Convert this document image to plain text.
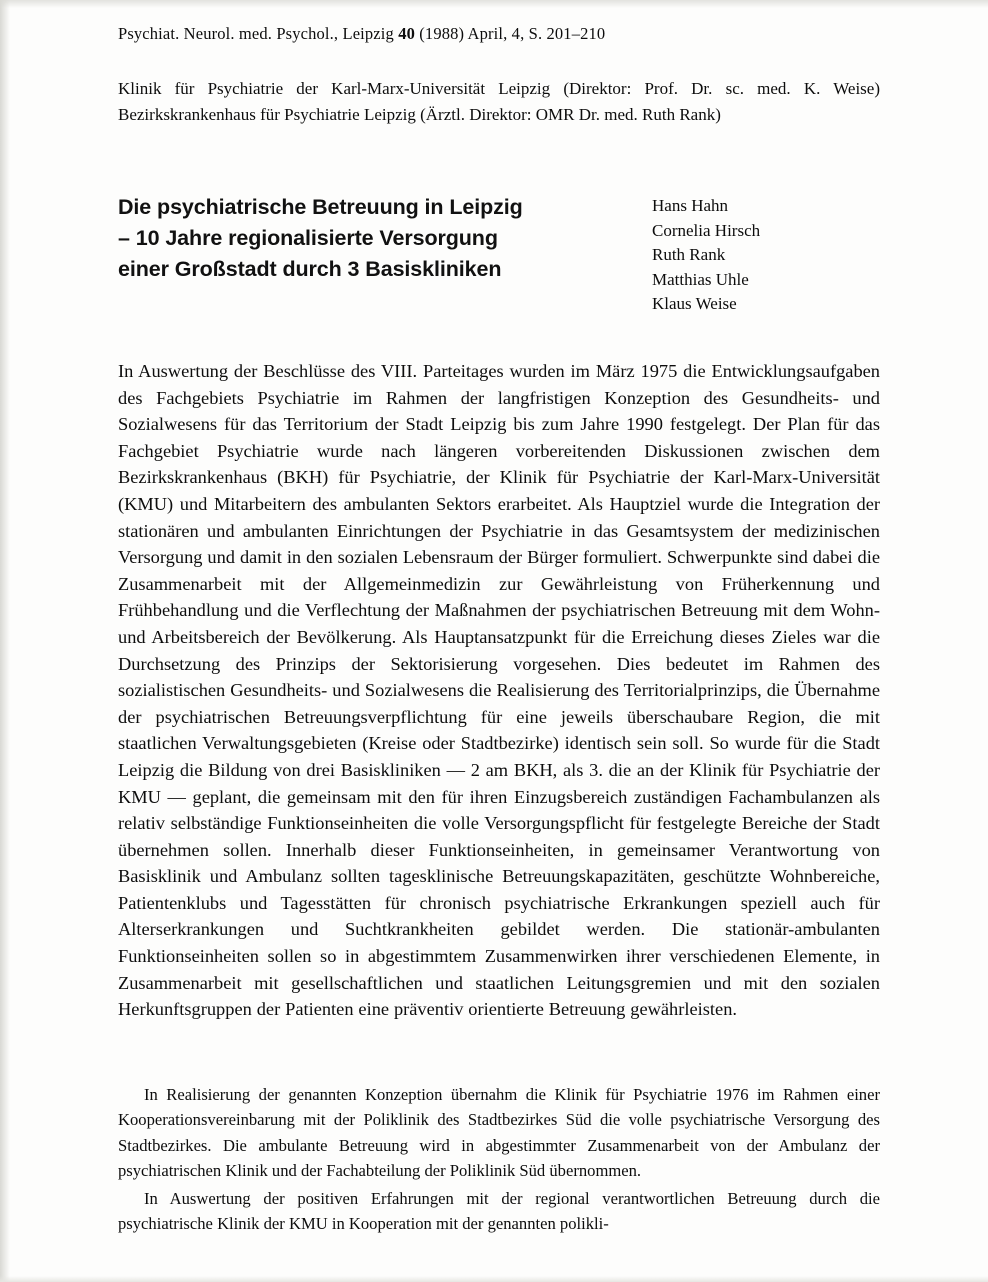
Psychiat. Neurol. med. Psychol., Leipzig 40 (1988) April, 4, S. 201–210
Klinik für Psychiatrie der Karl-Marx-Universität Leipzig (Direktor: Prof. Dr. sc. med. K. Weise) Bezirkskrankenhaus für Psychiatrie Leipzig (Ärztl. Direktor: OMR Dr. med. Ruth Rank)
Die psychiatrische Betreuung in Leipzig
– 10 Jahre regionalisierte Versorgung
einer Großstadt durch 3 Basiskliniken
Hans Hahn
Cornelia Hirsch
Ruth Rank
Matthias Uhle
Klaus Weise
In Auswertung der Beschlüsse des VIII. Parteitages wurden im März 1975 die Entwicklungsaufgaben des Fachgebiets Psychiatrie im Rahmen der langfristigen Konzeption des Gesundheits- und Sozialwesens für das Territorium der Stadt Leipzig bis zum Jahre 1990 festgelegt. Der Plan für das Fachgebiet Psychiatrie wurde nach längeren vorbereitenden Diskussionen zwischen dem Bezirkskrankenhaus (BKH) für Psychiatrie, der Klinik für Psychiatrie der Karl-Marx-Universität (KMU) und Mitarbeitern des ambulanten Sektors erarbeitet. Als Hauptziel wurde die Integration der stationären und ambulanten Einrichtungen der Psychiatrie in das Gesamtsystem der medizinischen Versorgung und damit in den sozialen Lebensraum der Bürger formuliert. Schwerpunkte sind dabei die Zusammenarbeit mit der Allgemeinmedizin zur Gewährleistung von Früherkennung und Frühbehandlung und die Verflechtung der Maßnahmen der psychiatrischen Betreuung mit dem Wohn- und Arbeitsbereich der Bevölkerung. Als Hauptansatzpunkt für die Erreichung dieses Zieles war die Durchsetzung des Prinzips der Sektorisierung vorgesehen. Dies bedeutet im Rahmen des sozialistischen Gesundheits- und Sozialwesens die Realisierung des Territorialprinzips, die Übernahme der psychiatrischen Betreuungsverpflichtung für eine jeweils überschaubare Region, die mit staatlichen Verwaltungsgebieten (Kreise oder Stadtbezirke) identisch sein soll. So wurde für die Stadt Leipzig die Bildung von drei Basiskliniken — 2 am BKH, als 3. die an der Klinik für Psychiatrie der KMU — geplant, die gemeinsam mit den für ihren Einzugsbereich zuständigen Fachambulanzen als relativ selbständige Funktionseinheiten die volle Versorgungspflicht für festgelegte Bereiche der Stadt übernehmen sollen. Innerhalb dieser Funktionseinheiten, in gemeinsamer Verantwortung von Basisklinik und Ambulanz sollten tagesklinische Betreuungskapazitäten, geschützte Wohnbereiche, Patientenklubs und Tagesstätten für chronisch psychiatrische Erkrankungen speziell auch für Alterserkrankungen und Suchtkrankheiten gebildet werden. Die stationär-ambulanten Funktionseinheiten sollen so in abgestimmtem Zusammenwirken ihrer verschiedenen Elemente, in Zusammenarbeit mit gesellschaftlichen und staatlichen Leitungsgremien und mit den sozialen Herkunftsgruppen der Patienten eine präventiv orientierte Betreuung gewährleisten.

In Realisierung der genannten Konzeption übernahm die Klinik für Psychiatrie 1976 im Rahmen einer Kooperationsvereinbarung mit der Poliklinik des Stadtbezirkes Süd die volle psychiatrische Versorgung des Stadtbezirkes. Die ambulante Betreuung wird in abgestimmter Zusammenarbeit von der Ambulanz der psychiatrischen Klinik und der Fachabteilung der Poliklinik Süd übernommen.

In Auswertung der positiven Erfahrungen mit der regional verantwortlichen Betreuung durch die psychiatrische Klinik der KMU in Kooperation mit der genannten polikli-
